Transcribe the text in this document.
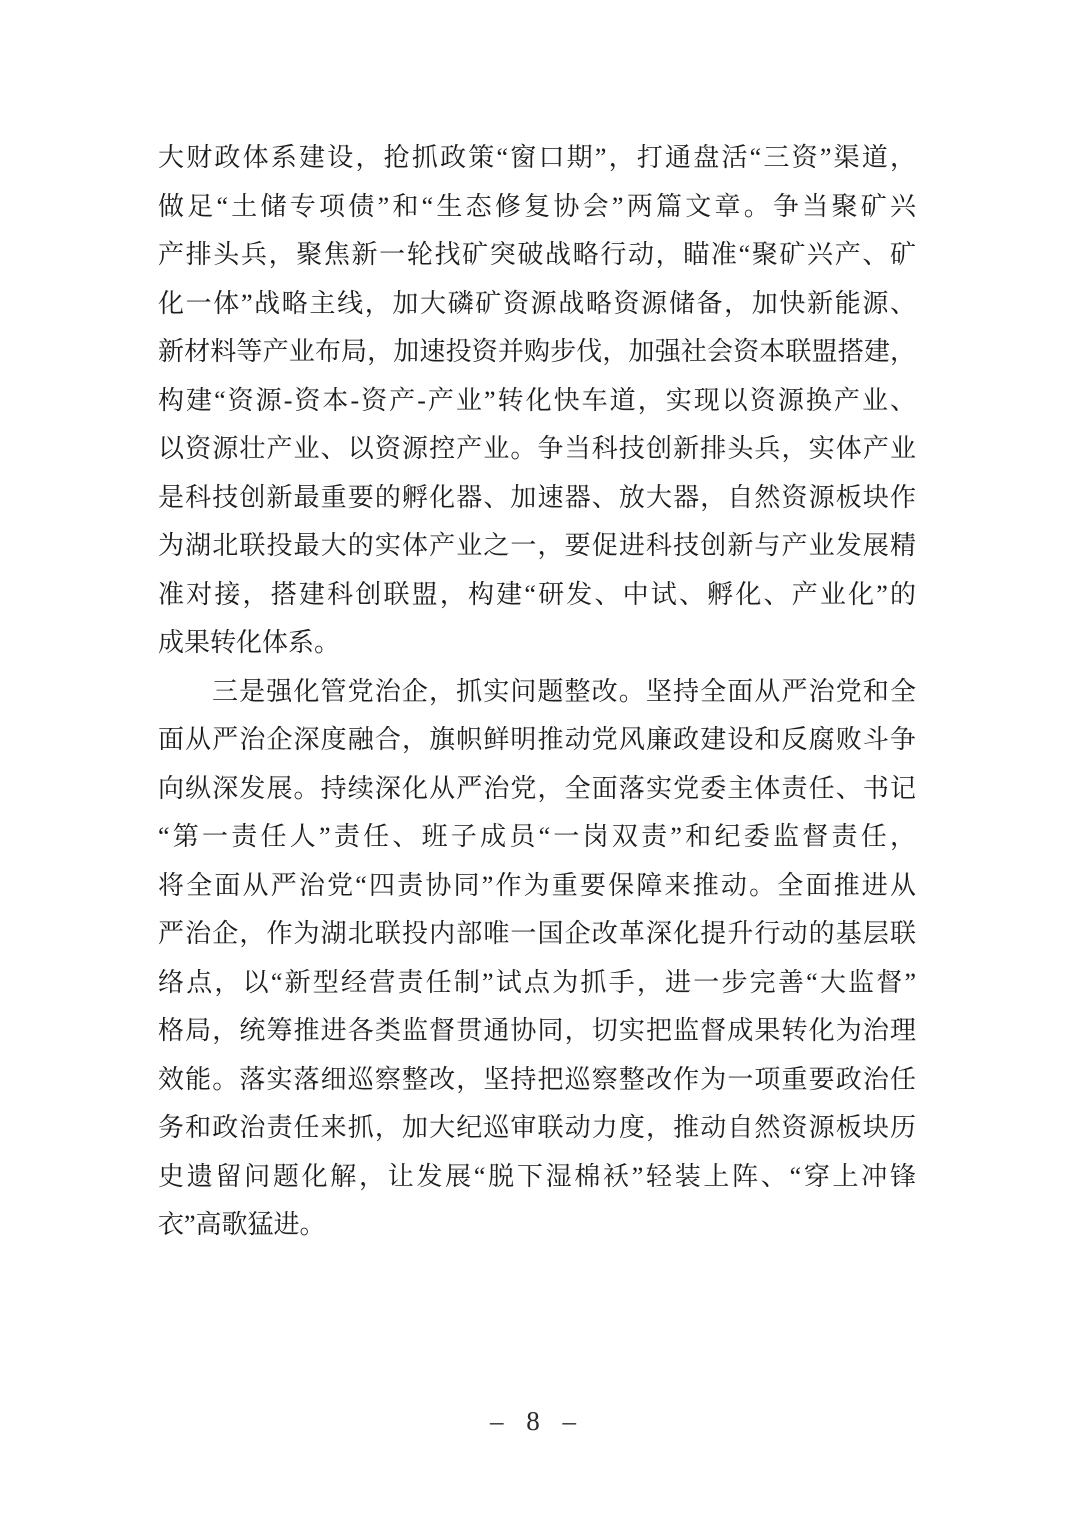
大财政体系建设，抢抓政策“窗口期”，打通盘活“三资”渠道，
做足“土储专项债”和“生态修复协会”两篇文章。争当聚矿兴
产排头兵，聚焦新一轮找矿突破战略行动，瞄准“聚矿兴产、矿
化一体”战略主线，加大磷矿资源战略资源储备，加快新能源、
新材料等产业布局，加速投资并购步伐，加强社会资本联盟搭建，
构建“资源-资本-资产-产业”转化快车道，实现以资源换产业、
以资源壮产业、以资源控产业。争当科技创新排头兵，实体产业
是科技创新最重要的孵化器、加速器、放大器，自然资源板块作
为湖北联投最大的实体产业之一，要促进科技创新与产业发展精
准对接，搭建科创联盟，构建“研发、中试、孵化、产业化”的
成果转化体系。
三是强化管党治企，抓实问题整改。坚持全面从严治党和全
面从严治企深度融合，旗帜鲜明推动党风廉政建设和反腐败斗争
向纵深发展。持续深化从严治党，全面落实党委主体责任、书记
“第一责任人”责任、班子成员“一岗双责”和纪委监督责任，
将全面从严治党“四责协同”作为重要保障来推动。全面推进从
严治企，作为湖北联投内部唯一国企改革深化提升行动的基层联
络点，以“新型经营责任制”试点为抓手，进一步完善“大监督”
格局，统筹推进各类监督贯通协同，切实把监督成果转化为治理
效能。落实落细巡察整改，坚持把巡察整改作为一项重要政治任
务和政治责任来抓，加大纪巡审联动力度，推动自然资源板块历
史遗留问题化解，让发展“脱下湿棉袄”轻装上阵、“穿上冲锋
衣”高歌猛进。
– 8 –
